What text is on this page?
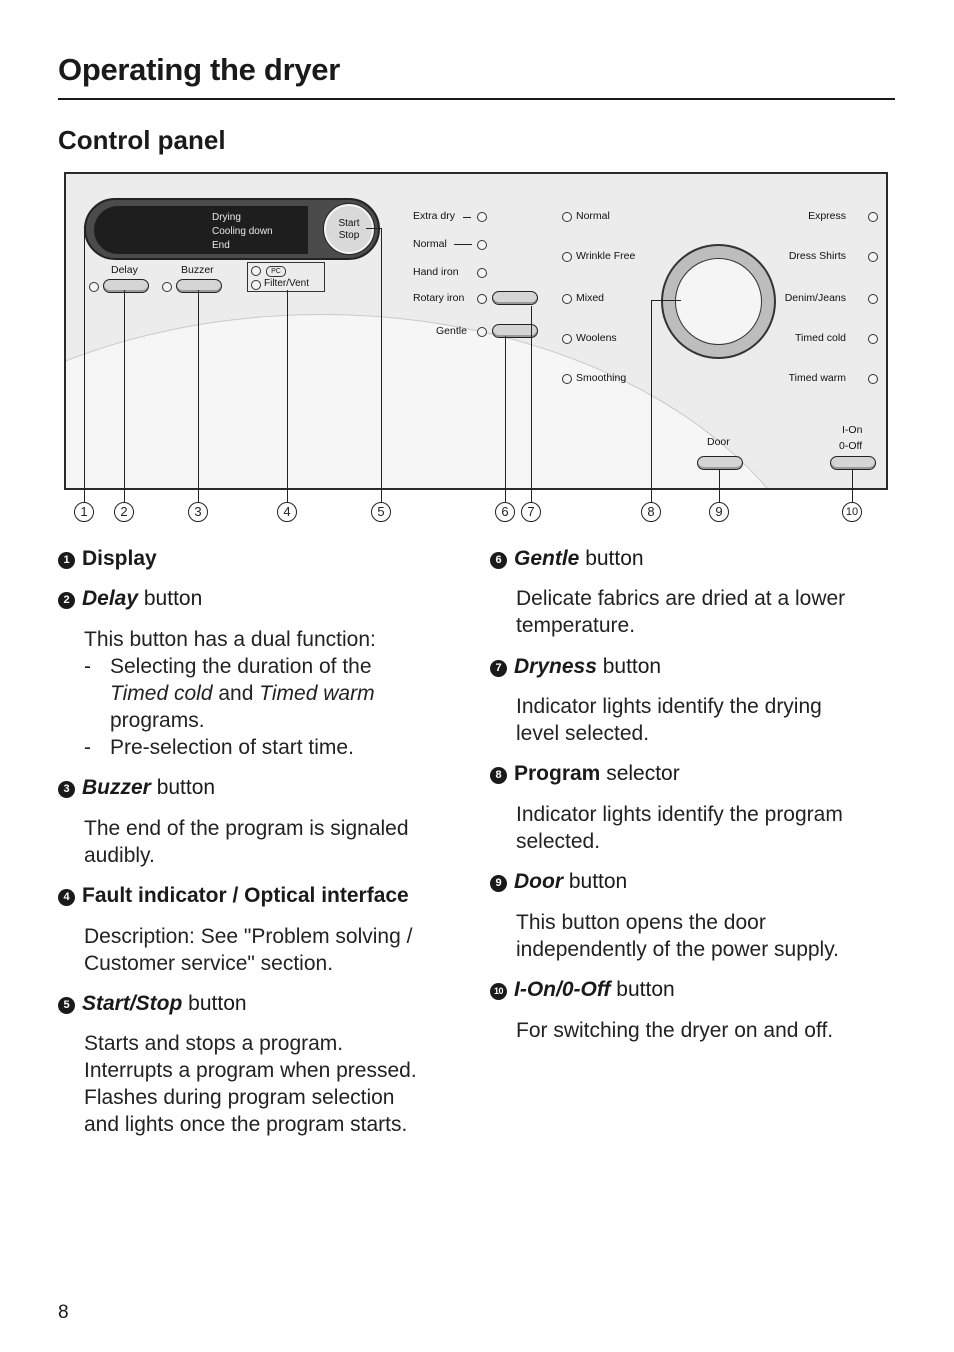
Operating the dryer
Control panel
Drying
Cooling down
End
Start
Stop
Delay	Buzzer	PC
Filter/Vent
Extra dry
Normal
Hand iron
Rotary iron
Gentle
Normal
Wrinkle Free
Mixed
Woolens
Smoothing
Express
Dress Shirts
Denim/Jeans
Timed cold
Timed warm
Door
I-On
0-Off
1	2	3	4	5	6	7	8	9	10
1 Display
2 Delay button
This button has a dual function:
- Selecting the duration of the
Timed cold and Timed warm
programs.
- Pre-selection of start time.
3 Buzzer button
The end of the program is signaled
audibly.
4 Fault indicator / Optical interface
Description: See "Problem solving /
Customer service" section.
5 Start/Stop button
Starts and stops a program.
Interrupts a program when pressed.
Flashes during program selection
and lights once the program starts.
6 Gentle button
Delicate fabrics are dried at a lower
temperature.
7 Dryness button
Indicator lights identify the drying
level selected.
8 Program selector
Indicator lights identify the program
selected.
9 Door button
This button opens the door
independently of the power supply.
10 I-On/0-Off button
For switching the dryer on and off.
8
